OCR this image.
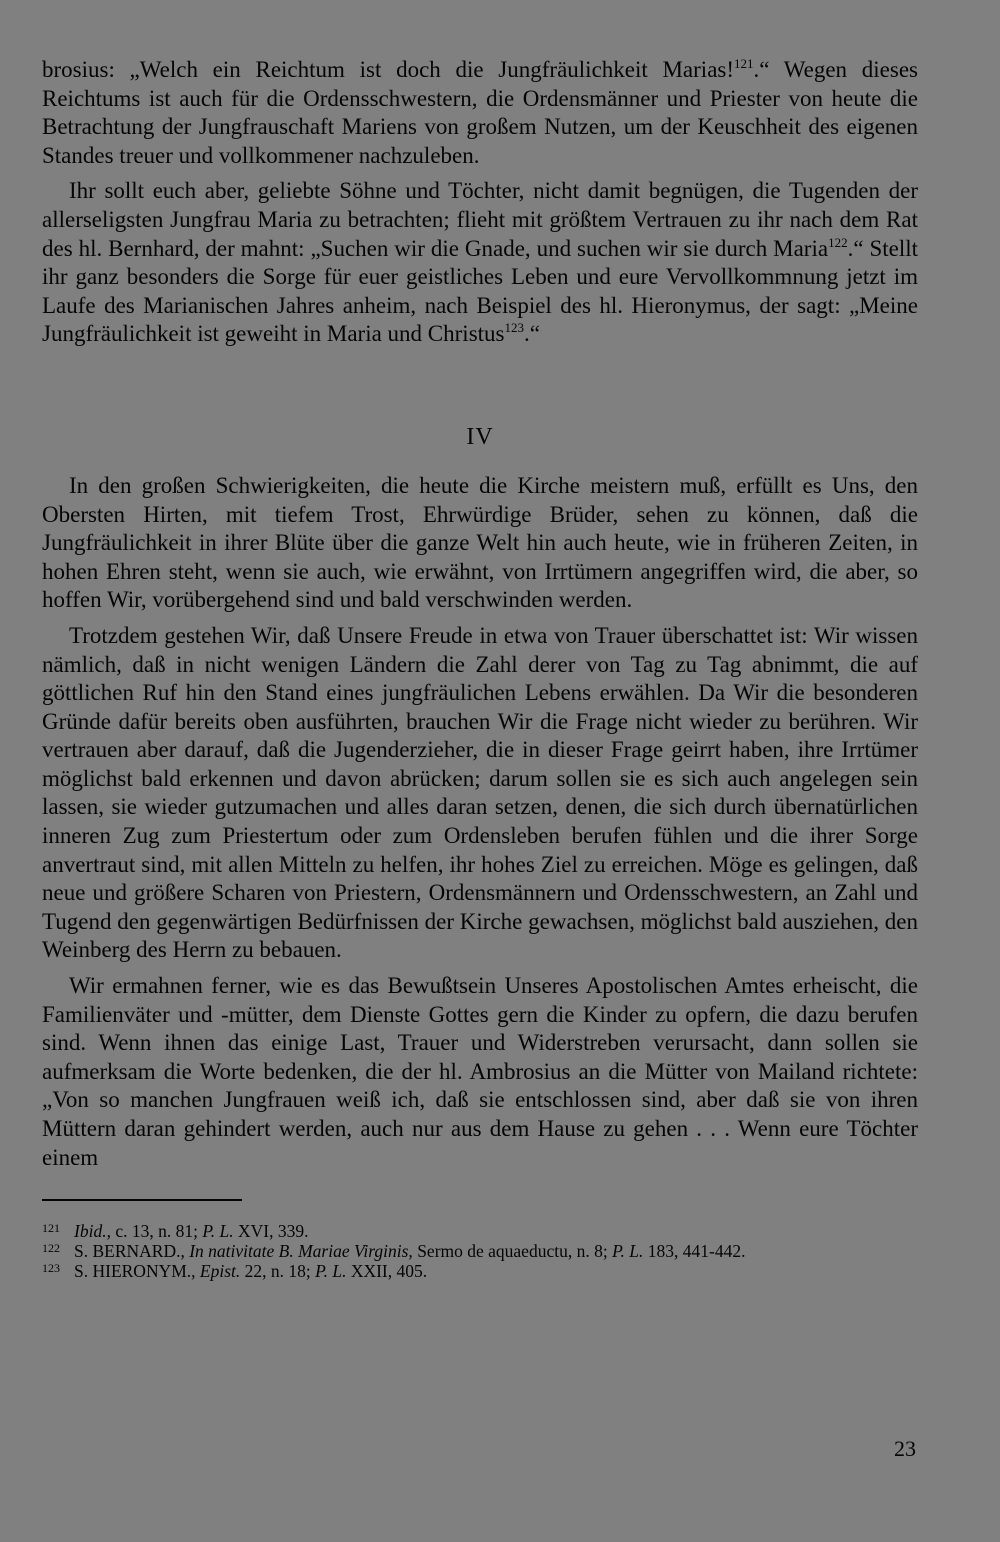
brosius: „Welch ein Reichtum ist doch die Jungfräulichkeit Marias!$^{121}$.“ Wegen dieses Reichtums ist auch für die Ordensschwestern, die Ordensmänner und Priester von heute die Betrachtung der Jungfrauschaft Mariens von großem Nutzen, um der Keuschheit des eigenen Standes treuer und vollkommener nachzuleben.

Ihr sollt euch aber, geliebte Söhne und Töchter, nicht damit begnügen, die Tugenden der allerseligsten Jungfrau Maria zu betrachten; flieht mit größtem Vertrauen zu ihr nach dem Rat des hl. Bernhard, der mahnt: „Suchen wir die Gnade, und suchen wir sie durch Maria$^{122}$.“ Stellt ihr ganz besonders die Sorge für euer geistliches Leben und eure Vervollkommnung jetzt im Laufe des Marianischen Jahres anheim, nach Beispiel des hl. Hieronymus, der sagt: „Meine Jungfräulichkeit ist geweiht in Maria und Christus$^{123}$.“

IV

In den großen Schwierigkeiten, die heute die Kirche meistern muß, erfüllt es Uns, den Obersten Hirten, mit tiefem Trost, Ehrwürdige Brüder, sehen zu können, daß die Jungfräulichkeit in ihrer Blüte über die ganze Welt hin auch heute, wie in früheren Zeiten, in hohen Ehren steht, wenn sie auch, wie erwähnt, von Irrtümern angegriffen wird, die aber, so hoffen Wir, vorübergehend sind und bald verschwinden werden.

Trotzdem gestehen Wir, daß Unsere Freude in etwa von Trauer überschattet ist: Wir wissen nämlich, daß in nicht wenigen Ländern die Zahl derer von Tag zu Tag abnimmt, die auf göttlichen Ruf hin den Stand eines jungfräulichen Lebens erwählen. Da Wir die besonderen Gründe dafür bereits oben ausführten, brauchen Wir die Frage nicht wieder zu berühren. Wir vertrauen aber darauf, daß die Jugenderzieher, die in dieser Frage geirrt haben, ihre Irrtümer möglichst bald erkennen und davon abrücken; darum sollen sie es sich auch angelegen sein lassen, sie wieder gutzumachen und alles daran setzen, denen, die sich durch übernatürlichen inneren Zug zum Priestertum oder zum Ordensleben berufen fühlen und die ihrer Sorge anvertraut sind, mit allen Mitteln zu helfen, ihr hohes Ziel zu erreichen. Möge es gelingen, daß neue und größere Scharen von Priestern, Ordensmännern und Ordensschwestern, an Zahl und Tugend den gegenwärtigen Bedürfnissen der Kirche gewachsen, möglichst bald ausziehen, den Weinberg des Herrn zu bebauen.

Wir ermahnen ferner, wie es das Bewußtsein Unseres Apostolischen Amtes erheischt, die Familienväter und -mütter, dem Dienste Gottes gern die Kinder zu opfern, die dazu berufen sind. Wenn ihnen das einige Last, Trauer und Widerstreben verursacht, dann sollen sie aufmerksam die Worte bedenken, die der hl. Ambrosius an die Mütter von Mailand richtete: „Von so manchen Jungfrauen weiß ich, daß sie entschlossen sind, aber daß sie von ihren Müttern daran gehindert werden, auch nur aus dem Hause zu gehen . . . Wenn eure Töchter einem

121 Ibid., c. 13, n. 81; P. L. XVI, 339.

122 S. BERNARD., In nativitate B. Mariae Virginis, Sermo de aquaeductu, n. 8; P. L. 183, 441-442.

123 S. HIERONYM., Epist. 22, n. 18; P. L. XXII, 405.

23
